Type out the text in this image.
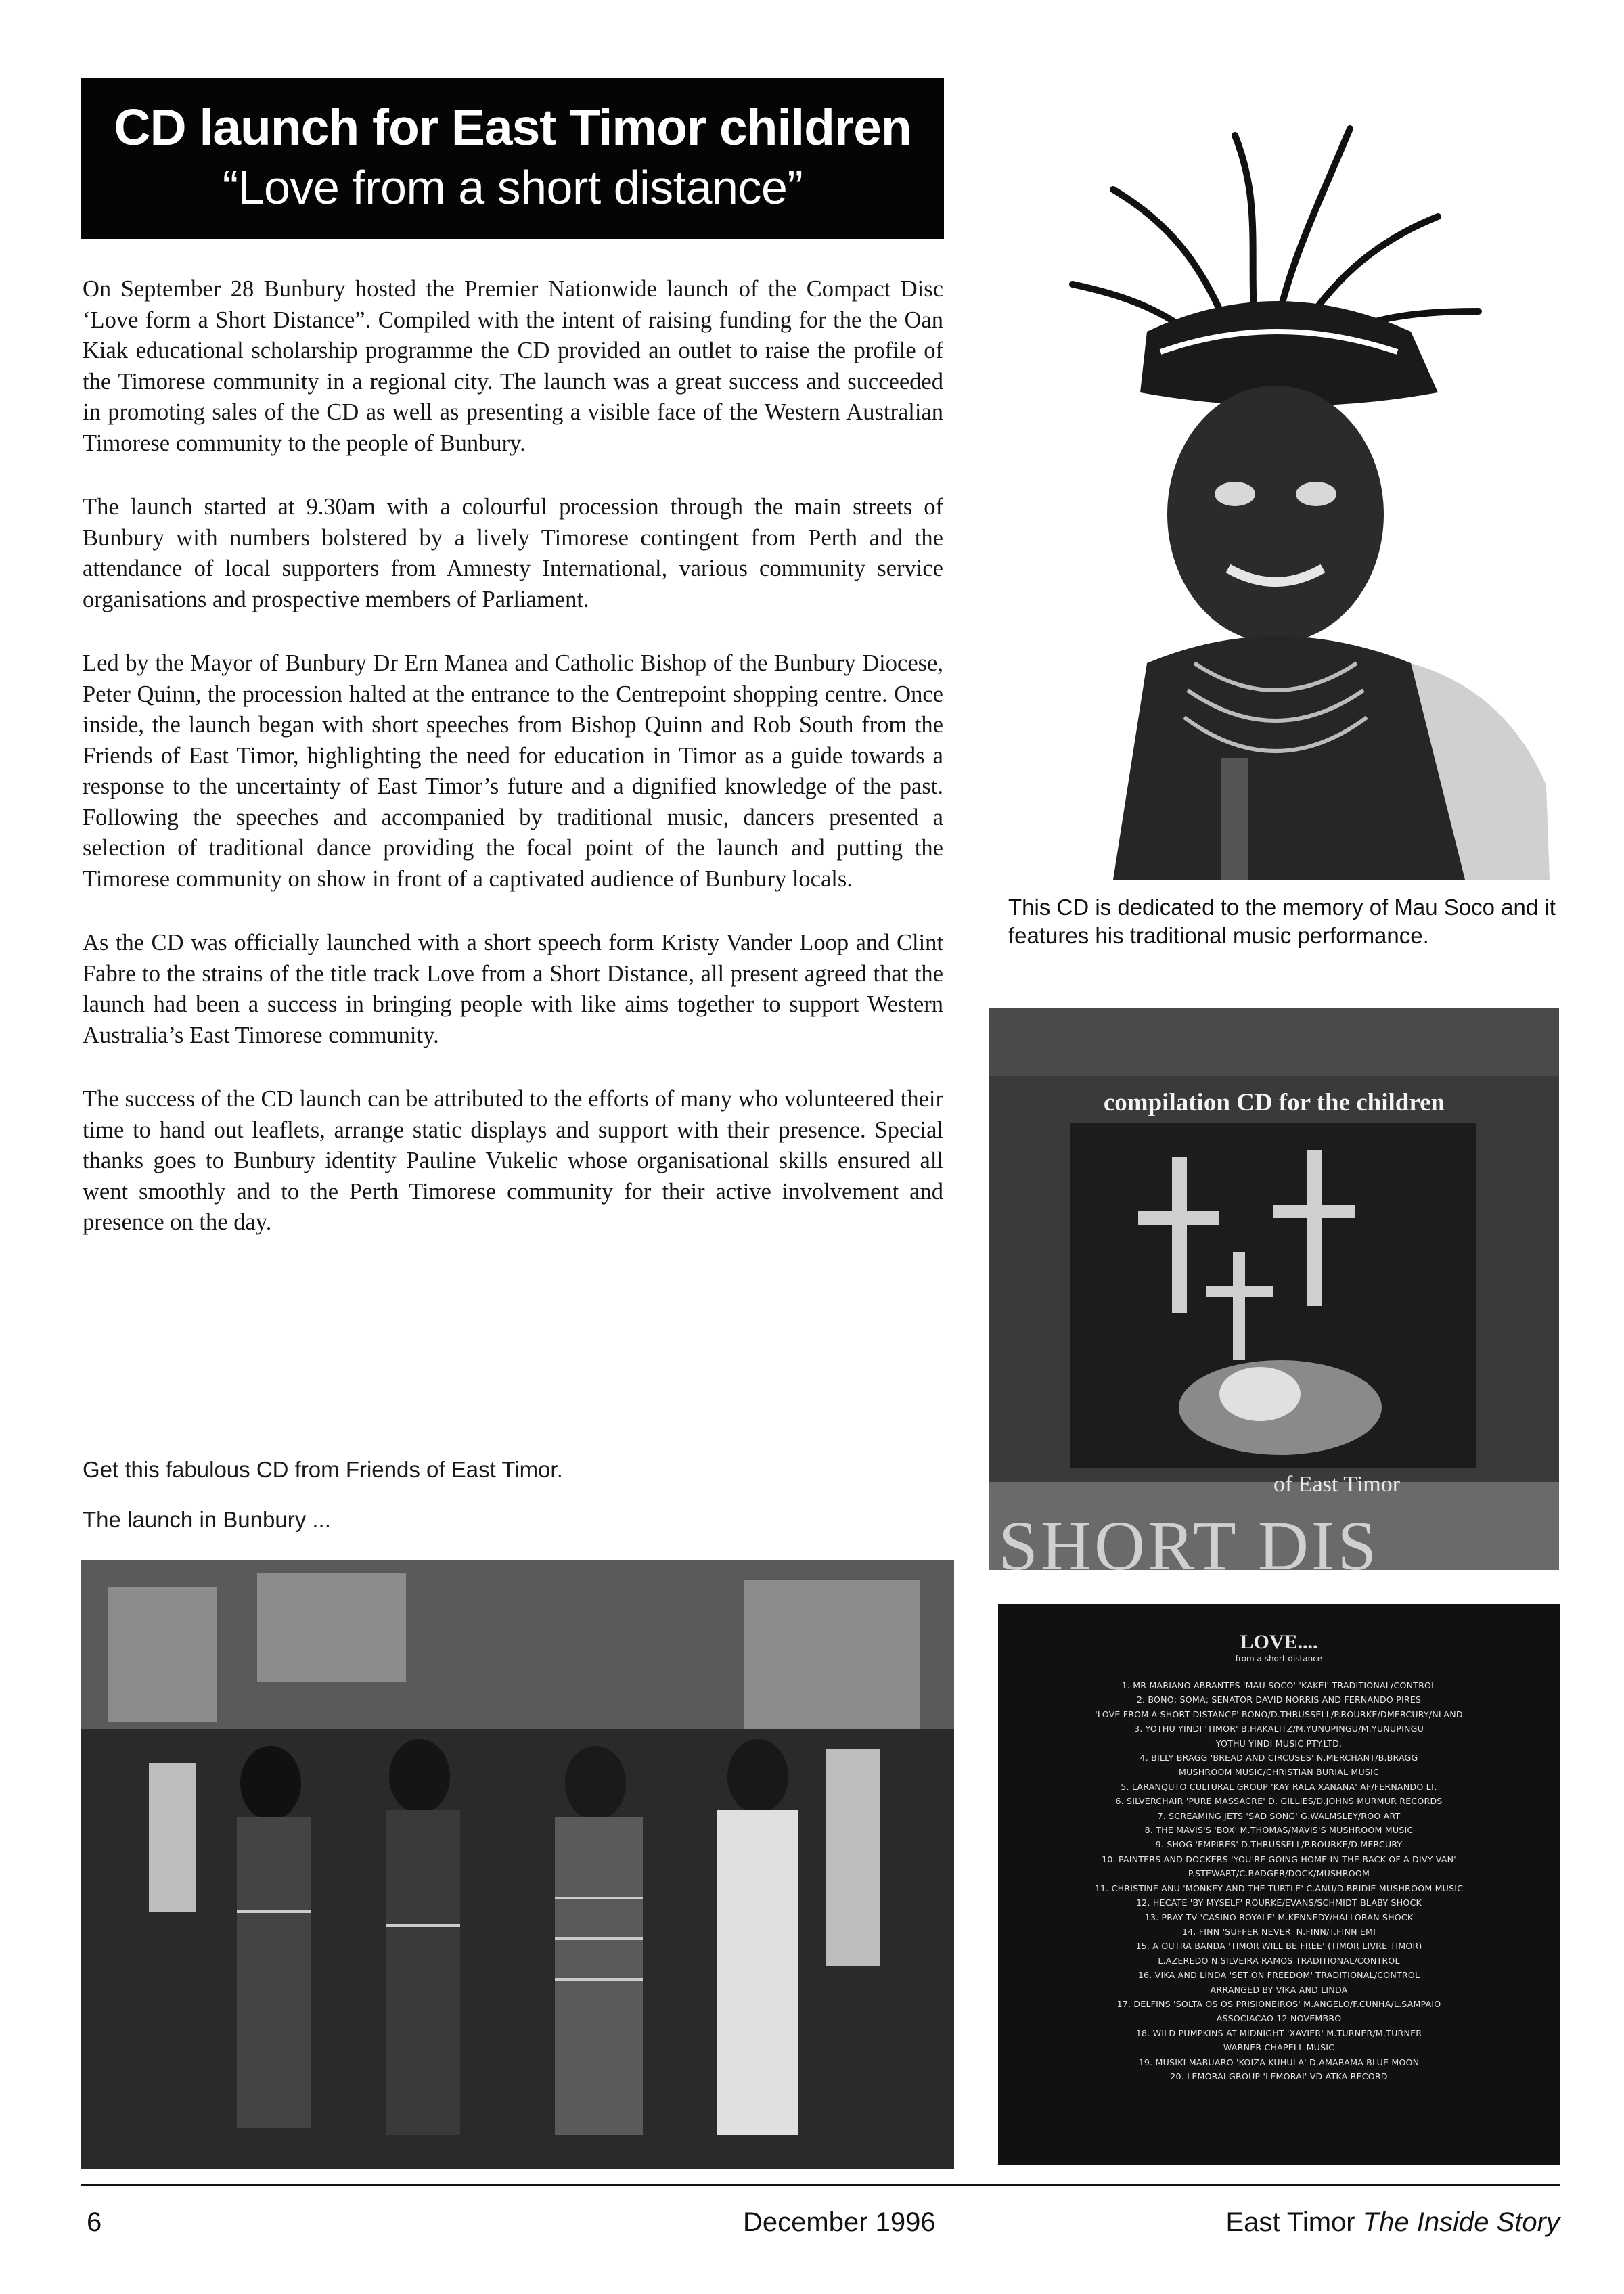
CD launch for East Timor children
“Love from a short distance”

On September 28 Bunbury hosted the Premier Nationwide launch of the Compact Disc ‘Love form a Short Distance”. Compiled with the intent of raising funding for the the Oan Kiak educational scholarship programme the CD provided an outlet to raise the profile of the Timorese community in a regional city. The launch was a great success and succeeded in promoting sales of the CD as well as presenting a visible face of the Western Australian Timorese community to the people of Bunbury.

The launch started at 9.30am with a colourful procession through the main streets of Bunbury with numbers bolstered by a lively Timorese contingent from Perth and the attendance of local supporters from Amnesty International, various community service organisations and prospective members of Parliament.

Led by the Mayor of Bunbury Dr Ern Manea and Catholic Bishop of the Bunbury Diocese, Peter Quinn, the procession halted at the entrance to the Centrepoint shopping centre. Once inside, the launch began with short speeches from Bishop Quinn and Rob South from the Friends of East Timor, highlighting the need for education in Timor as a guide towards a response to the uncertainty of East Timor’s future and a dignified knowledge of the past. Following the speeches and accompanied by traditional music, dancers presented a selection of traditional dance providing the focal point of the launch and putting the Timorese community on show in front of a captivated audience of Bunbury locals.

As the CD was officially launched with a short speech form Kristy Vander Loop and Clint Fabre to the strains of the title track Love from a Short Distance, all present agreed that the launch had been a success in bringing people with like aims together to support Western Australia’s East Timorese community.

The success of the CD launch can be attributed to the efforts of many who volunteered their time to hand out leaflets, arrange static displays and support with their presence. Special thanks goes to Bunbury identity Pauline Vukelic whose organisational skills ensured all went smoothly and to the Perth Timorese community for their active involvement and presence on the day.

Get this fabulous CD from Friends of East Timor.
The launch in Bunbury ...
This CD is dedicated to the memory of Mau Soco and it features his traditional music performance.
compilation CD for the children
of East Timor
SHORT DIS
LOVE....
from a short distance
1. MR MARIANO ABRANTES 'MAU SOCO' 'KAKEI' TRADITIONAL/CONTROL
2. BONO; SOMA; SENATOR DAVID NORRIS AND FERNANDO PIRES
'LOVE FROM A SHORT DISTANCE' BONO/D.THRUSSELL/P.ROURKE/DMERCURY/NLAND
3. YOTHU YINDI 'TIMOR' B.HAKALITZ/M.YUNUPINGU/M.YUNUPINGU
YOTHU YINDI MUSIC PTY.LTD.
4. BILLY BRAGG 'BREAD AND CIRCUSES' N.MERCHANT/B.BRAGG
MUSHROOM MUSIC/CHRISTIAN BURIAL MUSIC
5. LARANQUTO CULTURAL GROUP 'KAY RALA XANANA' AF/FERNANDO LT.
6. SILVERCHAIR 'PURE MASSACRE' D. GILLIES/D.JOHNS MURMUR RECORDS
7. SCREAMING JETS 'SAD SONG' G.WALMSLEY/ROO ART
8. THE MAVIS'S 'BOX' M.THOMAS/MAVIS'S MUSHROOM MUSIC
9. SHOG 'EMPIRES' D.THRUSSELL/P.ROURKE/D.MERCURY
10. PAINTERS AND DOCKERS 'YOU'RE GOING HOME IN THE BACK OF A DIVY VAN'
P.STEWART/C.BADGER/DOCK/MUSHROOM
11. CHRISTINE ANU 'MONKEY AND THE TURTLE' C.ANU/D.BRIDIE MUSHROOM MUSIC
12. HECATE 'BY MYSELF' ROURKE/EVANS/SCHMIDT BLABY SHOCK
13. PRAY TV 'CASINO ROYALE' M.KENNEDY/HALLORAN SHOCK
14. FINN 'SUFFER NEVER' N.FINN/T.FINN EMI
15. A OUTRA BANDA 'TIMOR WILL BE FREE' (TIMOR LIVRE TIMOR)
L.AZEREDO N.SILVEIRA RAMOS TRADITIONAL/CONTROL
16. VIKA AND LINDA 'SET ON FREEDOM' TRADITIONAL/CONTROL
ARRANGED BY VIKA AND LINDA
17. DELFINS 'SOLTA OS OS PRISIONEIROS' M.ANGELO/F.CUNHA/L.SAMPAIO
ASSOCIACAO 12 NOVEMBRO
18. WILD PUMPKINS AT MIDNIGHT 'XAVIER' M.TURNER/M.TURNER
WARNER CHAPELL MUSIC
19. MUSIKI MABUARO 'KOIZA KUHULA' D.AMARAMA BLUE MOON
20. LEMORAI GROUP 'LEMORAI' VD ATKA RECORD
6	December 1996	East Timor The Inside Story
